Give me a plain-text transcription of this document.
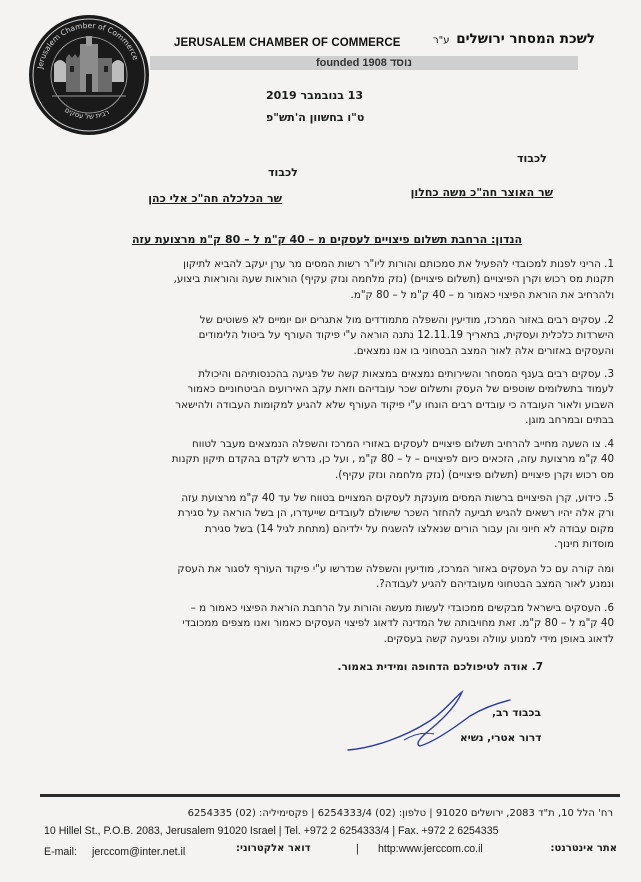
Jerusalem Chamber of Commerce
רבית של עסקים
JERUSALEM CHAMBER OF COMMERCE	לשכת המסחר ירושלים ע"ר
founded 1908 נוסד
13 בנובמבר 2019
ט"ו בחשוון ה'תש"פ
לכבוד
לכבוד
שר האוצר חה"כ משה כחלון
שר הכלכלה חה"כ אלי כהן
הנדון: הרחבת תשלום פיצויים לעסקים מ – 40 ק"מ ל – 80 ק"מ מרצועת עזה
1. הריני לפנות למכובדי להפעיל את סמכותם והורות ליו"ר רשות המסים מר ערן יעקב להביא לתיקון
תקנות מס רכוש וקרן הפיצויים (תשלום פיצויים) (נזק מלחמה ונזק עקיף) הוראות שעה והוראות ביצוע,
ולהרחיב את הוראת הפיצוי כאמור מ – 40 ק"מ ל – 80 ק"מ.
2. עסקים רבים באזור המרכז, מודיעין והשפלה מתמודדים מול אתגרים יום יומיים לא פשוטים של
הישרדות כלכלית ועסקית, בתאריך 12.11.19 נתנה הוראה ע"י פיקוד העורף על ביטול הלימודים
והעסקים באזורים אלה לאור המצב הבטחוני בו אנו נמצאים.
3. עסקים רבים בענף המסחר והשירותים נמצאים במצאות קשה של פגיעה בהכנסותיהם והיכולת
לעמוד בתשלומים שוטפים של העסק ותשלום שכר עובדיהם וזאת עקב האירועים הביטחוניים כאמור
השבוע ולאור העובדה כי עובדים רבים הונחו ע"י פיקוד העורף שלא להגיע למקומות העבודה ולהישאר
בבתים ובמרחב מוגן.
4. צו השעה מחייב להרחיב תשלום פיצויים לעסקים באזורי המרכז והשפלה הנמצאים מעבר לטווח
40 ק"מ מרצועת עזה, הזכאים כיום לפיצויים – ל – 80 ק"מ , ועל כן, נדרש לקדם בהקדם תיקון תקנות
מס רכוש וקרן פיצויים (תשלום פיצויים) (נזק מלחמה ונזק עקיף).
5. כידוע, קרן הפיצויים ברשות המסים מוענקת לעסקים המצויים בטווח של עד 40 ק"מ מרצועת עזה
ורק אלה יהיו רשאים להגיש תביעה להחזר השכר שישולם לעובדים שייעדרו, הן בשל הוראה על סגירת
מקום עבודה לא חיוני והן עבור הורים שנאלצו להשגיח על ילדיהם (מתחת לגיל 14) בשל סגירת
מוסדות חינוך.
ומה קורה עם כל העסקים באזור המרכז, מודיעין והשפלה שנדרשו ע"י פיקוד העורף לסגור את העסק
ונמנע לאור המצב הבטחוני מעובדיהם להגיע לעבודה?.
6. העסקים בישראל מבקשים ממכובדי לעשות מעשה והורות על הרחבת הוראת הפיצוי כאמור מ –
40 ק"מ ל – 80 ק"מ. זאת מחויבותה של המדינה לדאוג לפיצוי העסקים כאמור ואנו מצפים ממכובדי
לדאוג באופן מידי למנוע עוולה ופגיעה קשה בעסקים.
7. אודה לטיפולכם הדחופה ומידית באמור.
בכבוד רב,
דרור אטרי, נשיא
רח' הלל 10, ת"ד 2083, ירושלים 91020 | טלפון: (02) 6254333/4 | פקסימיליה: (02) 6254335
10 Hillel St., P.O.B. 2083, Jerusalem 91020 Israel | Tel. +972 2 6254333/4 | Fax. +972 2 6254335
אתר אינטרנט:
http:www.jerccom.co.il
|
דואר אלקטרוני:
E-mail: jerccom@inter.net.il
